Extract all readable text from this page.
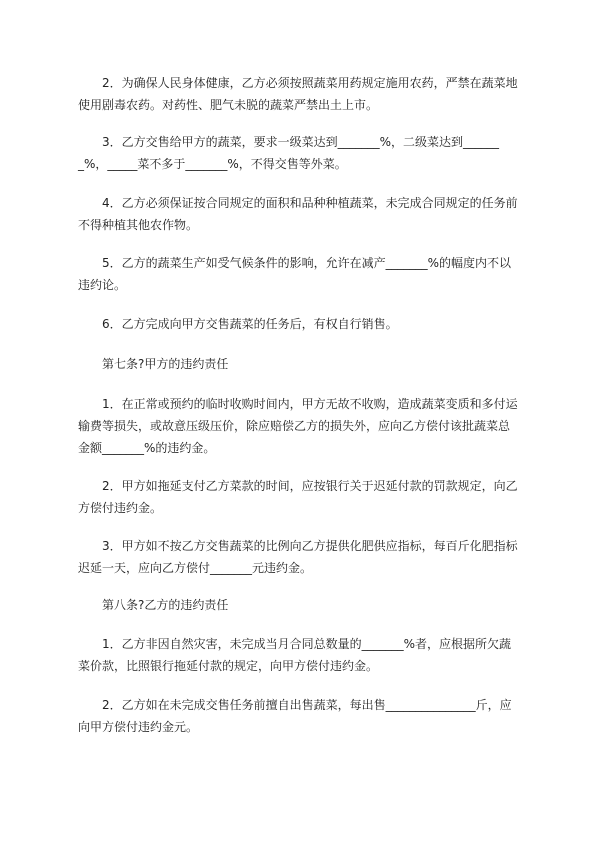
2．为确保人民身体健康，乙方必须按照蔬菜用药规定施用农药，严禁在蔬菜地使用剧毒农药。对药性、肥气未脱的蔬菜严禁出土上市。

3．乙方交售给甲方的蔬菜，要求一级菜达到_______%，二级菜达到_______%，_____菜不多于_______%，不得交售等外菜。

4．乙方必须保证按合同规定的面积和品种种植蔬菜，未完成合同规定的任务前不得种植其他农作物。

5．乙方的蔬菜生产如受气候条件的影响，允许在减产_______%的幅度内不以违约论。

6．乙方完成向甲方交售蔬菜的任务后，有权自行销售。

第七条?甲方的违约责任

1．在正常或预约的临时收购时间内，甲方无故不收购，造成蔬菜变质和多付运输费等损失，或故意压级压价，除应赔偿乙方的损失外，应向乙方偿付该批蔬菜总金额_______%的违约金。

2．甲方如拖延支付乙方菜款的时间，应按银行关于迟延付款的罚款规定，向乙方偿付违约金。

3．甲方如不按乙方交售蔬菜的比例向乙方提供化肥供应指标，每百斤化肥指标迟延一天，应向乙方偿付_______元违约金。

第八条?乙方的违约责任

1．乙方非因自然灾害，未完成当月合同总数量的_______%者，应根据所欠蔬菜价款，比照银行拖延付款的规定，向甲方偿付违约金。

2．乙方如在未完成交售任务前擅自出售蔬菜，每出售_______________斤，应向甲方偿付违约金元。
